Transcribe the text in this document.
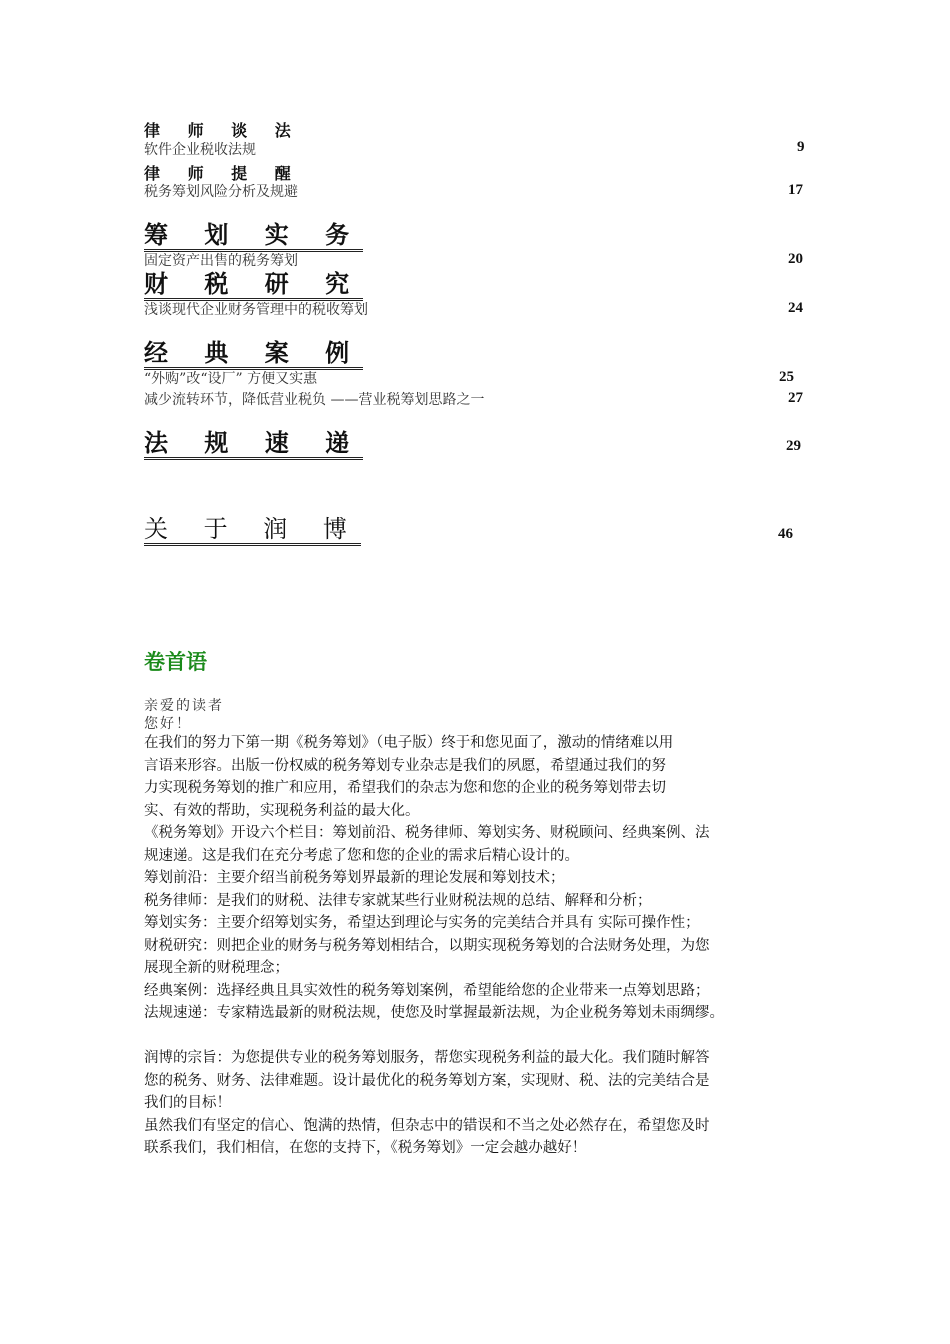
律 师 谈 法
软件企业税收法规	9
律 师 提 醒
税务筹划风险分析及规避	17
筹 划 实 务
固定资产出售的税务筹划	20
财 税 研 究
浅谈现代企业财务管理中的税收筹划	24
经 典 案 例
“外购”改“设厂” 方便又实惠	25
减少流转环节，降低营业税负 ——营业税筹划思路之一	27
法 规 速 递	29
关 于 润 博	46
卷首语
亲爱的读者
您好！

在我们的努力下第一期《税务筹划》（电子版）终于和您见面了，激动的情绪难以用

言语来形容。出版一份权威的税务筹划专业杂志是我们的夙愿，希望通过我们的努

力实现税务筹划的推广和应用，希望我们的杂志为您和您的企业的税务筹划带去切

实、有效的帮助，实现税务利益的最大化。

《税务筹划》开设六个栏目：筹划前沿、税务律师、筹划实务、财税顾问、经典案例、法

规速递。这是我们在充分考虑了您和您的企业的需求后精心设计的。

筹划前沿：主要介绍当前税务筹划界最新的理论发展和筹划技术；

税务律师：是我们的财税、法律专家就某些行业财税法规的总结、解释和分析；

筹划实务：主要介绍筹划实务，希望达到理论与实务的完美结合并具有 实际可操作性；

财税研究：则把企业的财务与税务筹划相结合，以期实现税务筹划的合法财务处理，为您

展现全新的财税理念；

经典案例：选择经典且具实效性的税务筹划案例，希望能给您的企业带来一点筹划思路；

法规速递：专家精选最新的财税法规，使您及时掌握最新法规，为企业税务筹划未雨绸缪。

润博的宗旨：为您提供专业的税务筹划服务，帮您实现税务利益的最大化。我们随时解答

您的税务、财务、法律难题。设计最优化的税务筹划方案，实现财、税、法的完美结合是

我们的目标！

虽然我们有坚定的信心、饱满的热情，但杂志中的错误和不当之处必然存在，希望您及时

联系我们，我们相信，在您的支持下，《税务筹划》一定会越办越好！
